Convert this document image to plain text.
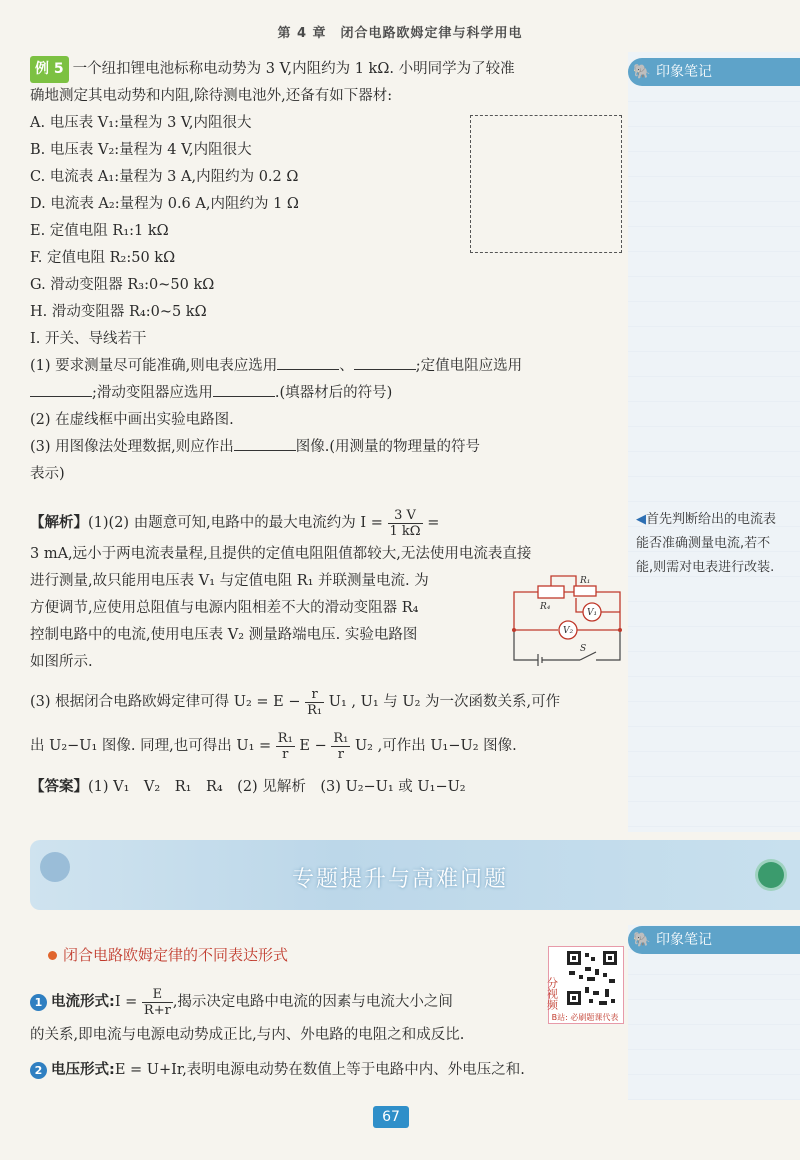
第 4 章　闭合电路欧姆定律与科学用电
🐘 印象笔记
🐘 印象笔记
例 5 一个纽扣锂电池标称电动势为 3 V,内阻约为 1 kΩ. 小明同学为了较准
确地测定其电动势和内阻,除待测电池外,还备有如下器材:
A. 电压表 V₁:量程为 3 V,内阻很大
B. 电压表 V₂:量程为 4 V,内阻很大
C. 电流表 A₁:量程为 3 A,内阻约为 0.2 Ω
D. 电流表 A₂:量程为 0.6 A,内阻约为 1 Ω
E. 定值电阻 R₁:1 kΩ
F. 定值电阻 R₂:50 kΩ
G. 滑动变阻器 R₃:0~50 kΩ
H. 滑动变阻器 R₄:0~5 kΩ
I. 开关、导线若干
(1) 要求测量尽可能准确,则电表应选用	、	;定值电阻应选用
;滑动变阻器应选用	.(填器材后的符号)
(2) 在虚线框中画出实验电路图.
(3) 用图像法处理数据,则应作出	图像.(用测量的物理量的符号
表示)
【解析】(1)(2) 由题意可知,电路中的最大电流约为 $I = \frac{3 V}{1 k\Omega}$ =
3 mA,远小于两电流表量程,且提供的定值电阻阻值都较大,无法使用电流表直接
进行测量,故只能用电压表 V₁ 与定值电阻 R₁ 并联测量电流. 为
方便调节,应使用总阻值与电源内阻相差不大的滑动变阻器 R₄
控制电路中的电流,使用电压表 V₂ 测量路端电压. 实验电路图
如图所示.
(3) 根据闭合电路欧姆定律可得 $U_2 = E - \frac{r}{\text{R₁}} U_1$ , U₁ 与 U₂ 为一次函数关系,可作
出 U₂−U₁ 图像. 同理,也可得出 $U_1 = \frac{\text{R₁}}{r}$ $E - \frac{\text{R₁}}{r} U_2$ ,可作出 U₁−U₂ 图像.
【答案】(1) V₁　V₂　R₁　R₄　(2) 见解析　(3) U₂−U₁ 或 U₁−U₂
R₄
R₁
V₁
V₂
S
◀首先判断给出的电流表能否准确测量电流,若不能,则需对电表进行改装.
专题提升与高难问题
闭合电路欧姆定律的不同表达形式
1 电流形式:I = $\frac{E}{R+r}$ ,揭示决定电路中电流的因素与电流大小之间
的关系,即电流与电源电动势成正比,与内、外电路的电阻之和成反比.
2 电压形式:E = U+Ir,表明电源电动势在数值上等于电路中内、外电压之和.
分视频
B站: 必刷题课代表
67
